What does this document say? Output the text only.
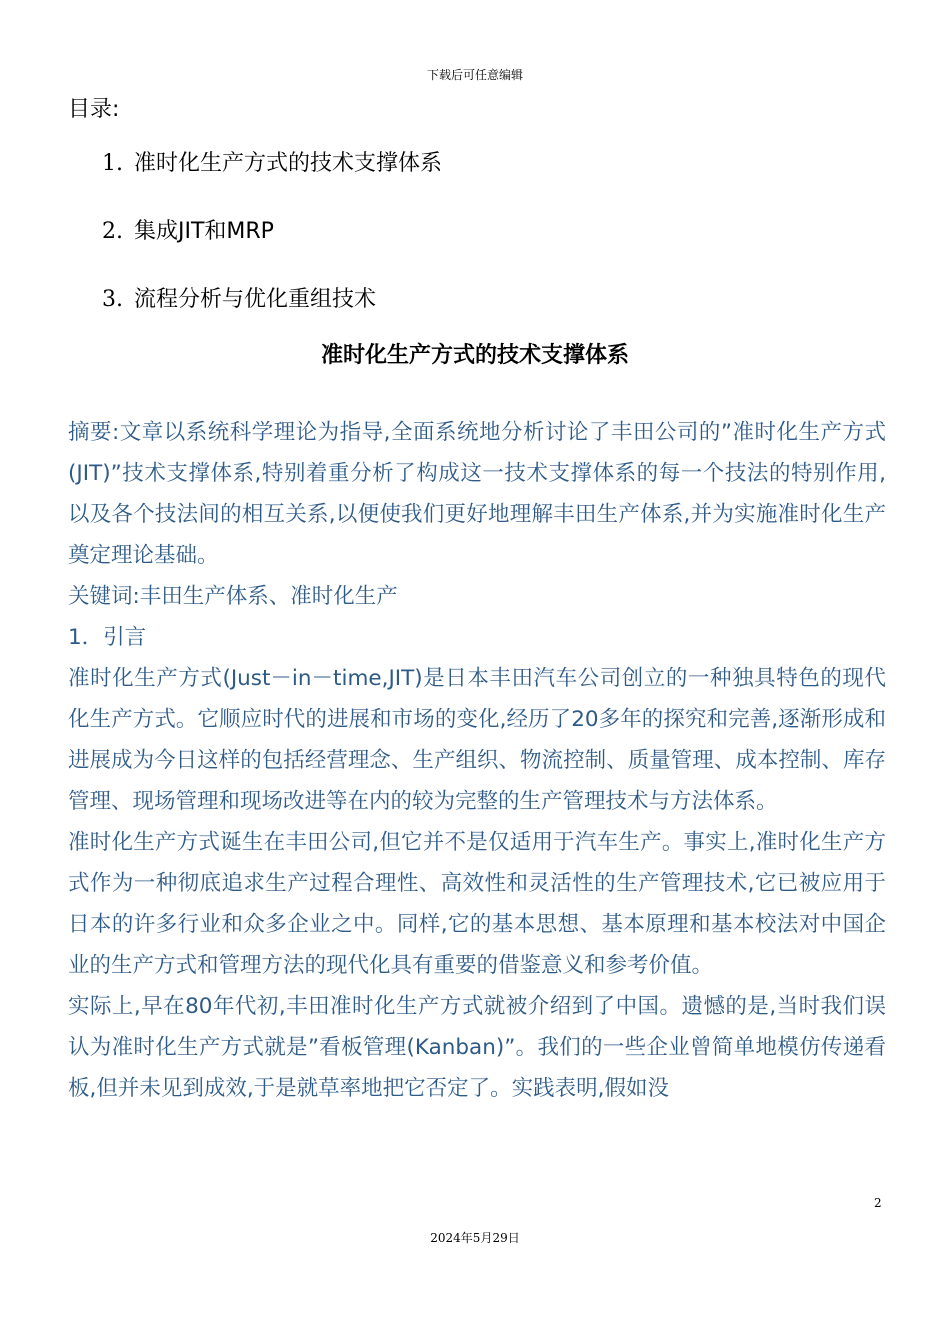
下载后可任意编辑
目录:
1. 准时化生产方式的技术支撑体系
2. 集成JIT和MRP
3. 流程分析与优化重组技术
准时化生产方式的技术支撑体系

摘要:文章以系统科学理论为指导,全面系统地分析讨论了丰田公司的”准时化生产方式(JIT)”技术支撑体系,特别着重分析了构成这一技术支撑体系的每一个技法的特别作用,以及各个技法间的相互关系,以便使我们更好地理解丰田生产体系,并为实施准时化生产奠定理论基础。

关键词:丰田生产体系、准时化生产

1．引言

准时化生产方式(Just－in－time,JIT)是日本丰田汽车公司创立的一种独具特色的现代化生产方式。它顺应时代的进展和市场的变化,经历了20多年的探究和完善,逐渐形成和进展成为今日这样的包括经营理念、生产组织、物流控制、质量管理、成本控制、库存管理、现场管理和现场改进等在内的较为完整的生产管理技术与方法体系。

准时化生产方式诞生在丰田公司,但它并不是仅适用于汽车生产。事实上,准时化生产方式作为一种彻底追求生产过程合理性、高效性和灵活性的生产管理技术,它已被应用于日本的许多行业和众多企业之中。同样,它的基本思想、基本原理和基本校法对中国企业的生产方式和管理方法的现代化具有重要的借鉴意义和参考价值。

实际上,早在80年代初,丰田准时化生产方式就被介绍到了中国。遗憾的是,当时我们误认为准时化生产方式就是”看板管理(Kanban)”。我们的一些企业曾简单地模仿传递看板,但并未见到成效,于是就草率地把它否定了。实践表明,假如没

2
2024年5月29日
